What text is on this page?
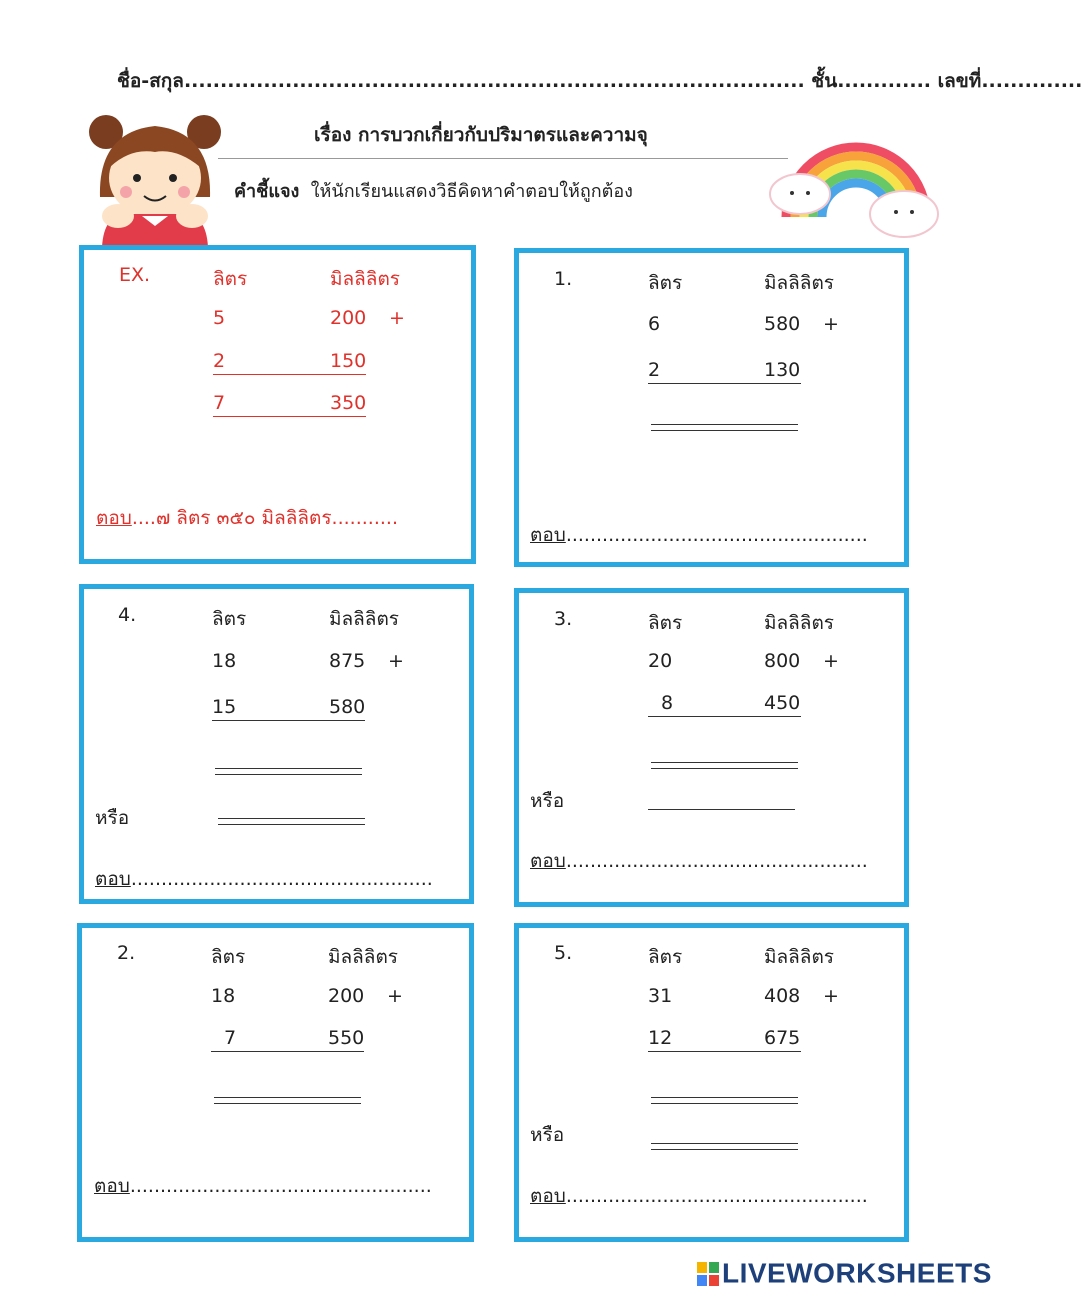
ชื่อ-สกุล...................................................................................... ชั้น............. เลขที่..............
เรื่อง การบวกเกี่ยวกับปริมาตรและความจุ
คำชี้แจง ให้นักเรียนแสดงวิธีคิดหาคำตอบให้ถูกต้อง
EX.	ลิตร	มิลลิลิตร
5	200 +
2	150
7	350
ตอบ....๗ ลิตร ๓๕๐ มิลลิลิตร...........
1.	ลิตร	มิลลิลิตร
6	580 +
2	130
ตอบ..................................................
4.	ลิตร	มิลลิลิตร
18	875 +
15	580
หรือ
ตอบ..................................................
3.	ลิตร	มิลลิลิตร
20	800 +
8	450
หรือ
ตอบ..................................................
2.	ลิตร	มิลลิลิตร
18	200 +
7	550
ตอบ..................................................
5.	ลิตร	มิลลิลิตร
31	408 +
12	675
หรือ
ตอบ..................................................
LIVEWORKSHEETS
